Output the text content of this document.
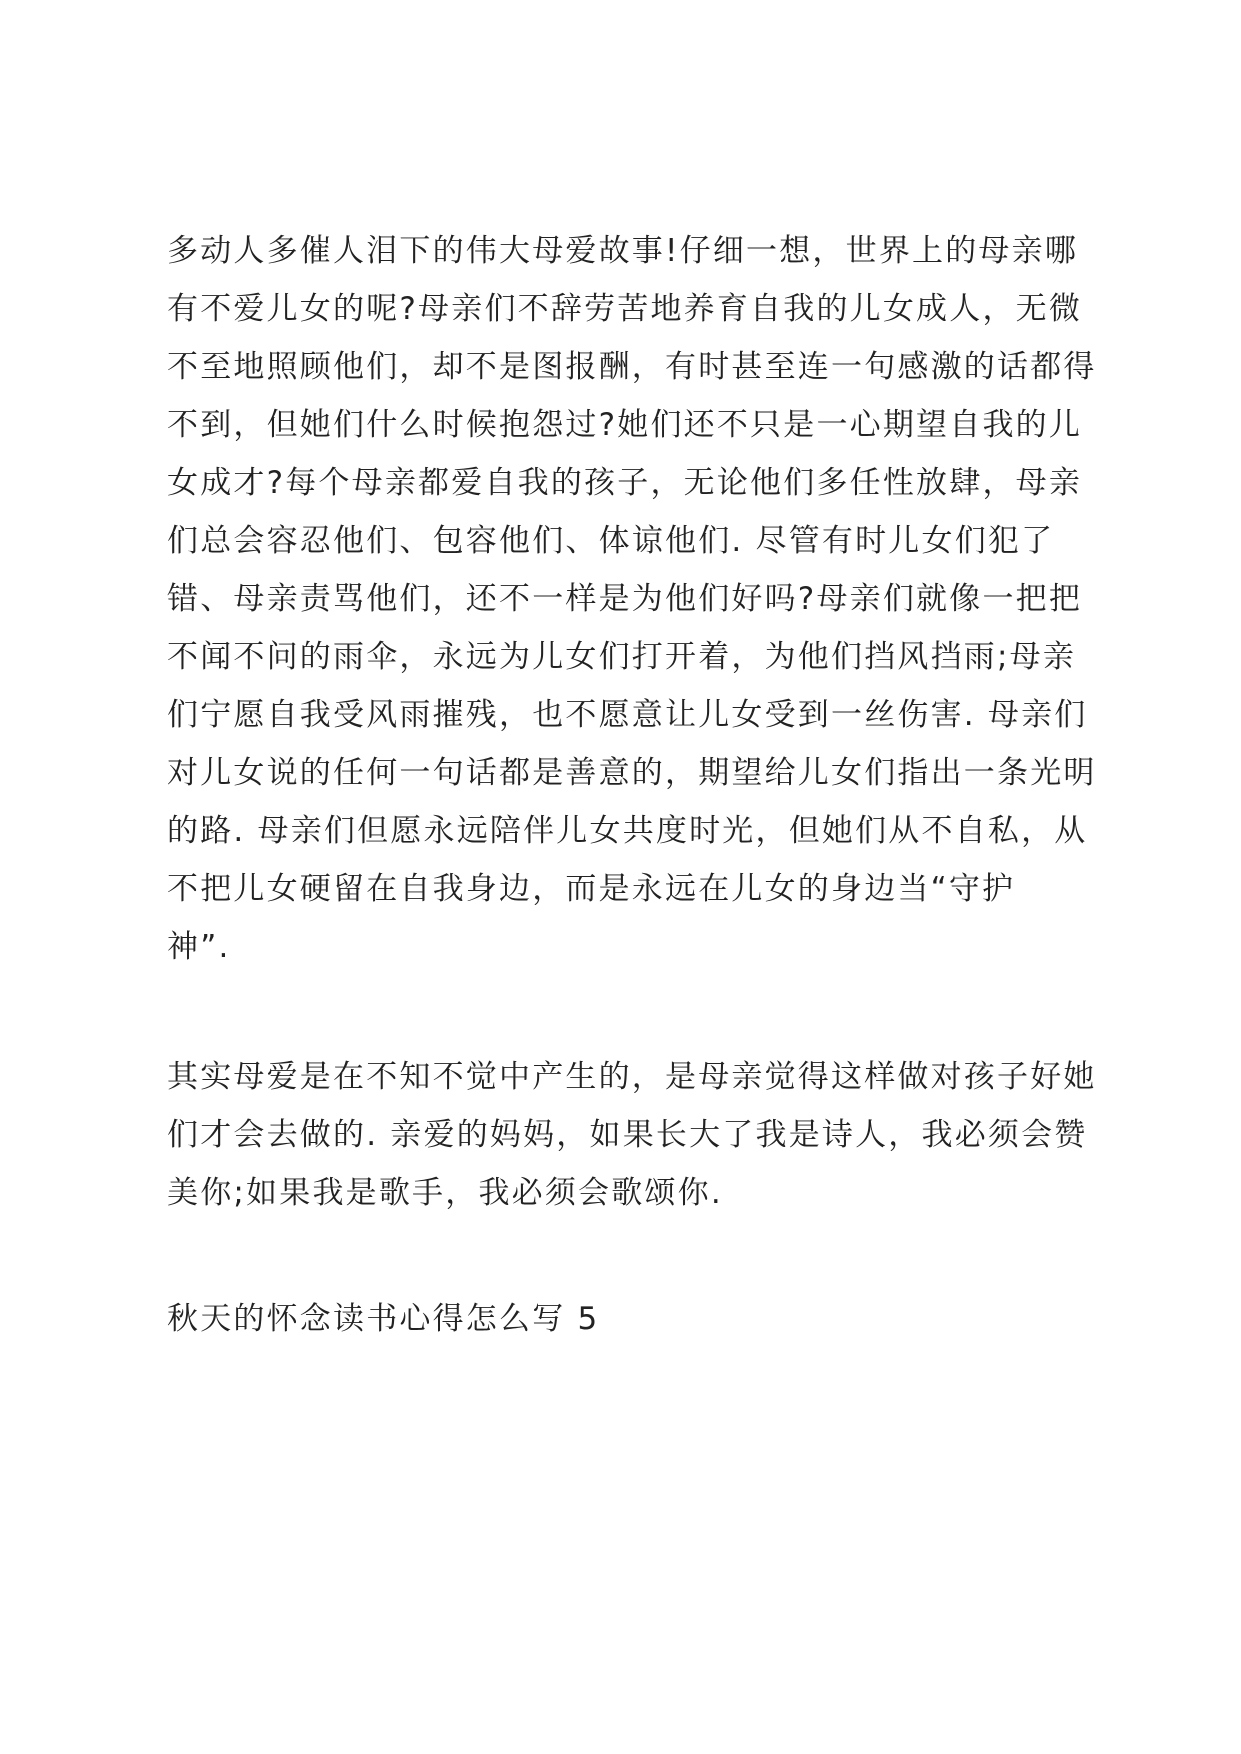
多动人多催人泪下的伟大母爱故事!仔细一想，世界上的母亲哪
有不爱儿女的呢?母亲们不辞劳苦地养育自我的儿女成人，无微
不至地照顾他们，却不是图报酬，有时甚至连一句感激的话都得
不到，但她们什么时候抱怨过?她们还不只是一心期望自我的儿
女成才?每个母亲都爱自我的孩子，无论他们多任性放肆，母亲
们总会容忍他们、包容他们、体谅他们. 尽管有时儿女们犯了
错、母亲责骂他们，还不一样是为他们好吗?母亲们就像一把把
不闻不问的雨伞，永远为儿女们打开着，为他们挡风挡雨;母亲
们宁愿自我受风雨摧残，也不愿意让儿女受到一丝伤害. 母亲们
对儿女说的任何一句话都是善意的，期望给儿女们指出一条光明
的路. 母亲们但愿永远陪伴儿女共度时光，但她们从不自私，从
不把儿女硬留在自我身边，而是永远在儿女的身边当“守护
神”.
其实母爱是在不知不觉中产生的，是母亲觉得这样做对孩子好她
们才会去做的. 亲爱的妈妈，如果长大了我是诗人，我必须会赞
美你;如果我是歌手，我必须会歌颂你.
秋天的怀念读书心得怎么写 5
